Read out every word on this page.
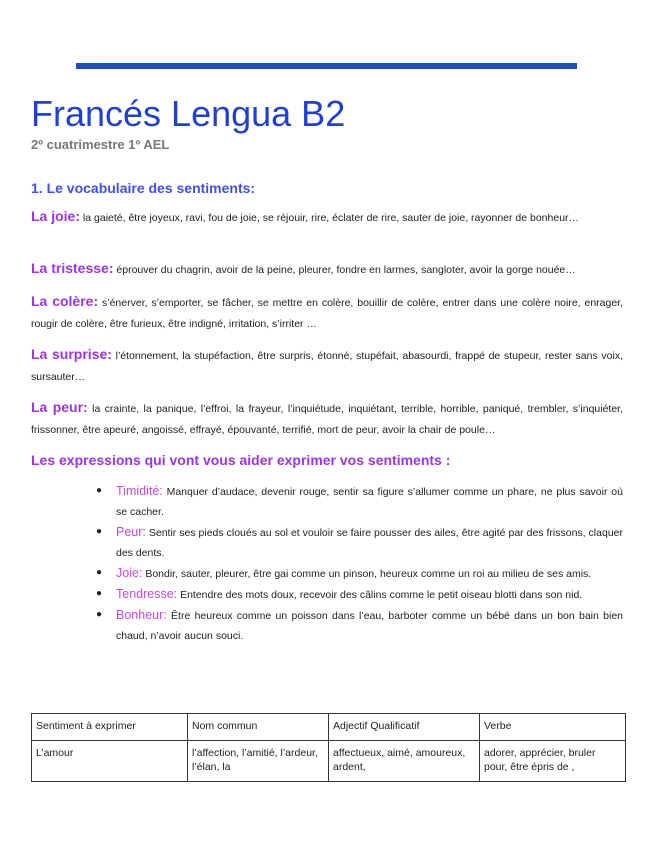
Francés Lengua B2
2º cuatrimestre 1º AEL
1. Le vocabulaire des sentiments:

La joie: la gaieté, être joyeux, ravi, fou de joie, se réjouir, rire, éclater de rire, sauter de joie, rayonner de bonheur…

La tristesse: éprouver du chagrin, avoir de la peine, pleurer, fondre en larmes, sangloter, avoir la gorge nouée…

La colère: s’énerver, s’emporter, se fâcher, se mettre en colère, bouillir de colère, entrer dans une colère noire, enrager, rougir de colère, être furieux, être indigné, irritation, s’irriter …

La surprise: l’étonnement, la stupéfaction, être surpris, étonné, stupéfait, abasourdi, frappé de stupeur, rester sans voix, sursauter…

La peur: la crainte, la panique, l’effroi, la frayeur, l’inquiétude, inquiétant, terrible, horrible, paniqué, trembler, s’inquiéter, frissonner, être apeuré, angoissé, effrayé, épouvanté, terrifié, mort de peur, avoir la chair de poule…

Les expressions qui vont vous aider exprimer vos sentiments :
● Timidité: Manquer d’audace, devenir rouge, sentir sa figure s’allumer comme un phare, ne plus savoir où se cacher.
● Peur: Sentir ses pieds cloués au sol et vouloir se faire pousser des ailes, être agité par des frissons, claquer des dents.
● Joie: Bondir, sauter, pleurer, être gai comme un pinson, heureux comme un roi au milieu de ses amis.
● Tendresse: Entendre des mots doux, recevoir des câlins comme le petit oiseau blotti dans son nid.
● Bonheur: Être heureux comme un poisson dans l’eau, barboter comme un bébé dans un bon bain bien chaud, n’avoir aucun souci.
Sentiment à exprimer	Nom commun	Adjectif Qualificatif	Verbe
L’amour	l’affection, l’amitié, l’ardeur, l’élan, la	affectueux, aimé, amoureux, ardent,	adorer, apprécier, bruler pour, être épris de ,
